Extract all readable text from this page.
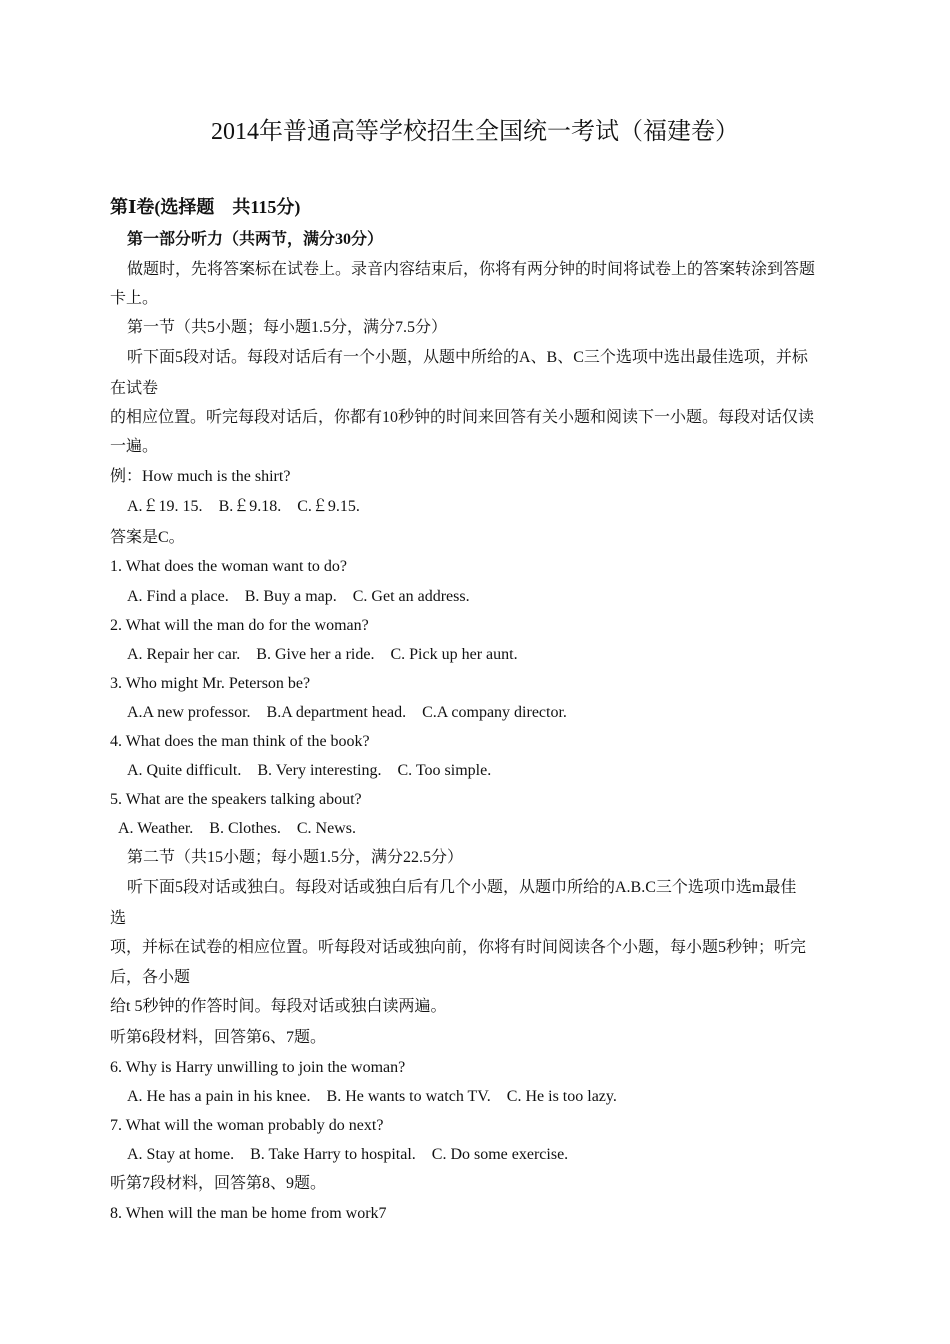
2014年普通高等学校招生全国统一考试（福建卷）
第Ⅰ卷(选择题　共115分)
第一部分听力（共两节，满分30分）
做题时，先将答案标在试卷上。录音内容结束后，你将有两分钟的时间将试卷上的答案转涂到答题
卡上。
第一节（共5小题；每小题1.5分，满分7.5分）
听下面5段对话。每段对话后有一个小题，从题中所给的A、B、C三个选项中选出最佳选项，并标
在试卷
的相应位置。听完每段对话后，你都有10秒钟的时间来回答有关小题和阅读下一小题。每段对话仅读
一遍。
例：How much is the shirt?
A.￡19. 15. B.￡9.18. C.￡9.15.
答案是C。
1. What does the woman want to do?
A. Find a place. B. Buy a map. C. Get an address.
2. What will the man do for the woman?
A. Repair her car. B. Give her a ride. C. Pick up her aunt.
3. Who might Mr. Peterson be?
A.A new professor. B.A department head. C.A company director.
4. What does the man think of the book?
A. Quite difficult. B. Very interesting. C. Too simple.
5. What are the speakers talking about?
A. Weather. B. Clothes. C. News.
第二节（共15小题；每小题1.5分，满分22.5分）
听下面5段对话或独白。每段对话或独白后有几个小题，从题巾所给的A.B.C三个选项巾选m最佳
选
项，并标在试卷的相应位置。听每段对话或独向前，你将有时间阅读各个小题，每小题5秒钟；听完
后，各小题
给t 5秒钟的作答时间。每段对话或独白读两遍。
听第6段材料，回答第6、7题。
6. Why is Harry unwilling to join the woman?
A. He has a pain in his knee. B. He wants to watch TV. C. He is too lazy.
7. What will the woman probably do next?
A. Stay at home. B. Take Harry to hospital. C. Do some exercise.
听第7段材料，回答第8、9题。
8. When will the man be home from work7
